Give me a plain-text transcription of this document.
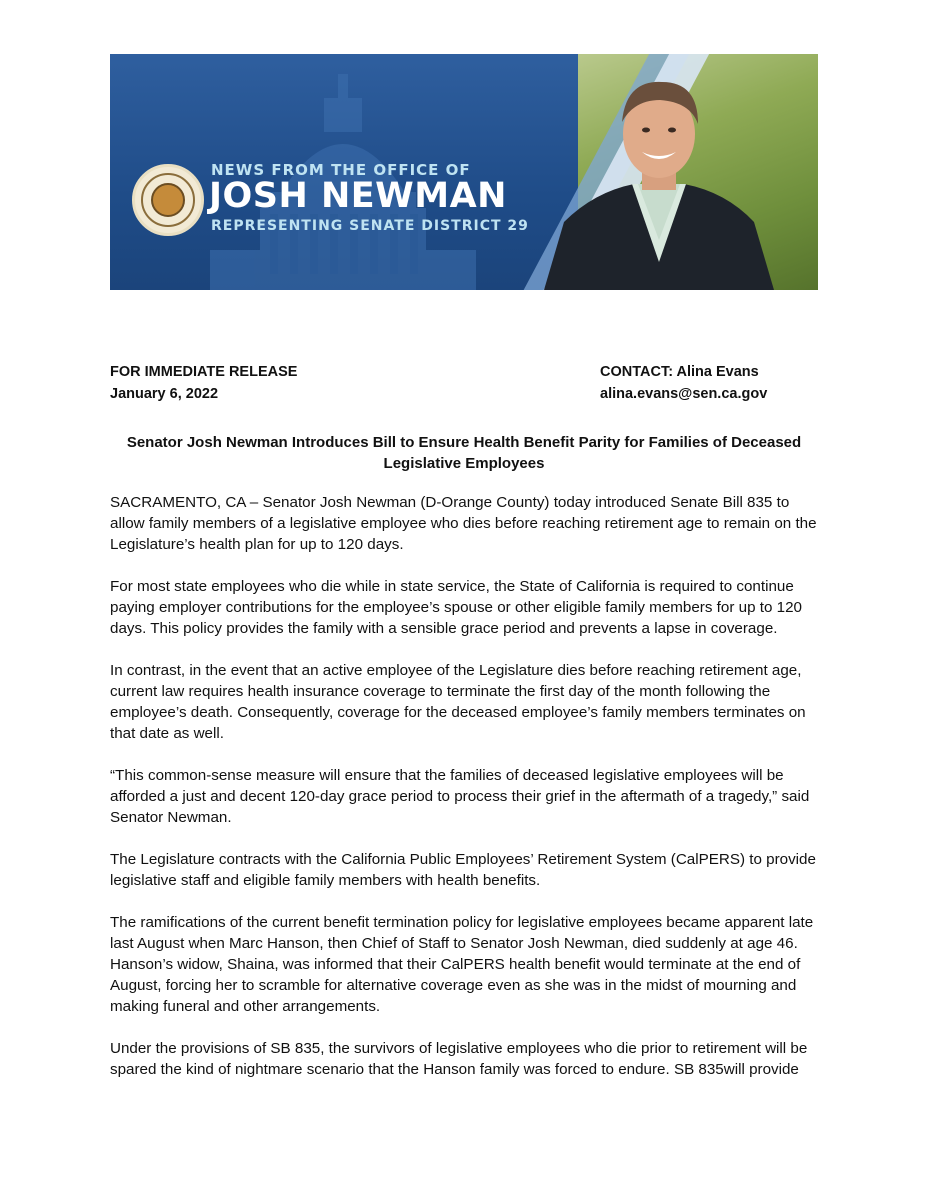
NEWS FROM THE OFFICE OF
JOSH NEWMAN
REPRESENTING SENATE DISTRICT 29
FOR IMMEDIATE RELEASE
January 6, 2022
CONTACT: Alina Evans
alina.evans@sen.ca.gov
Senator Josh Newman Introduces Bill to Ensure Health Benefit Parity for Families of Deceased Legislative Employees

SACRAMENTO, CA – Senator Josh Newman (D-Orange County) today introduced Senate Bill 835 to allow family members of a legislative employee who dies before reaching retirement age to remain on the Legislature’s health plan for up to 120 days.

For most state employees who die while in state service, the State of California is required to continue paying employer contributions for the employee’s spouse or other eligible family members for up to 120 days. This policy provides the family with a sensible grace period and prevents a lapse in coverage.

In contrast, in the event that an active employee of the Legislature dies before reaching retirement age, current law requires health insurance coverage to terminate the first day of the month following the employee’s death. Consequently, coverage for the deceased employee’s family members terminates on that date as well.

“This common-sense measure will ensure that the families of deceased legislative employees will be afforded a just and decent 120-day grace period to process their grief in the aftermath of a tragedy,” said Senator Newman.

The Legislature contracts with the California Public Employees’ Retirement System (CalPERS) to provide legislative staff and eligible family members with health benefits.

The ramifications of the current benefit termination policy for legislative employees became apparent late last August when Marc Hanson, then Chief of Staff to Senator Josh Newman, died suddenly at age 46. Hanson’s widow, Shaina, was informed that their CalPERS health benefit would terminate at the end of August, forcing her to scramble for alternative coverage even as she was in the midst of mourning and making funeral and other arrangements.

Under the provisions of SB 835, the survivors of legislative employees who die prior to retirement will be spared the kind of nightmare scenario that the Hanson family was forced to endure. SB 835will provide
